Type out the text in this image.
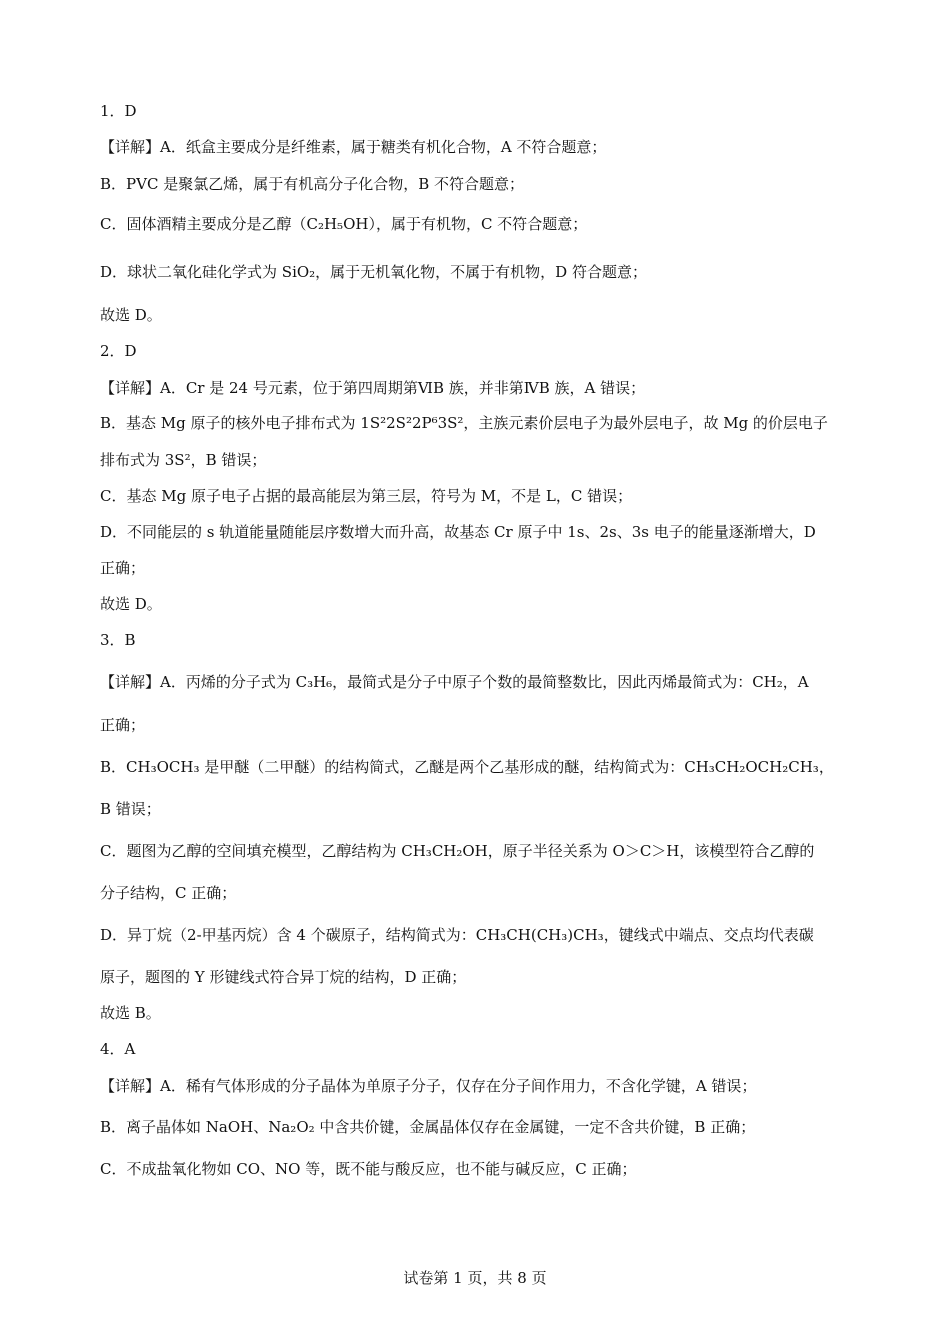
1．D
【详解】A．纸盒主要成分是纤维素，属于糖类有机化合物，A 不符合题意；
B．PVC 是聚氯乙烯，属于有机高分子化合物，B 不符合题意；
C．固体酒精主要成分是乙醇（C₂H₅OH），属于有机物，C 不符合题意；
D．球状二氧化硅化学式为 SiO₂，属于无机氧化物，不属于有机物，D 符合题意；
故选 D。
2．D
【详解】A．Cr 是 24 号元素，位于第四周期第ⅥB 族，并非第ⅣB 族，A 错误；
B．基态 Mg 原子的核外电子排布式为 1S²2S²2P⁶3S²，主族元素价层电子为最外层电子，故 Mg 的价层电子
排布式为 3S²，B 错误；
C．基态 Mg 原子电子占据的最高能层为第三层，符号为 M，不是 L，C 错误；
D．不同能层的 s 轨道能量随能层序数增大而升高，故基态 Cr 原子中 1s、2s、3s 电子的能量逐渐增大，D
正确；
故选 D。
3．B
【详解】A．丙烯的分子式为 C₃H₆，最简式是分子中原子个数的最简整数比，因此丙烯最简式为：CH₂，A
正确；
B．CH₃OCH₃ 是甲醚（二甲醚）的结构简式，乙醚是两个乙基形成的醚，结构简式为：CH₃CH₂OCH₂CH₃，
B 错误；
C．题图为乙醇的空间填充模型，乙醇结构为 CH₃CH₂OH，原子半径关系为 O＞C＞H，该模型符合乙醇的
分子结构，C 正确；
D．异丁烷（2-甲基丙烷）含 4 个碳原子，结构简式为：CH₃CH(CH₃)CH₃，键线式中端点、交点均代表碳
原子，题图的 Y 形键线式符合异丁烷的结构，D 正确；
故选 B。
4．A
【详解】A．稀有气体形成的分子晶体为单原子分子，仅存在分子间作用力，不含化学键，A 错误；
B．离子晶体如 NaOH、Na₂O₂ 中含共价键，金属晶体仅存在金属键，一定不含共价键，B 正确；
C．不成盐氧化物如 CO、NO 等，既不能与酸反应，也不能与碱反应，C 正确；
试卷第 1 页，共 8 页
